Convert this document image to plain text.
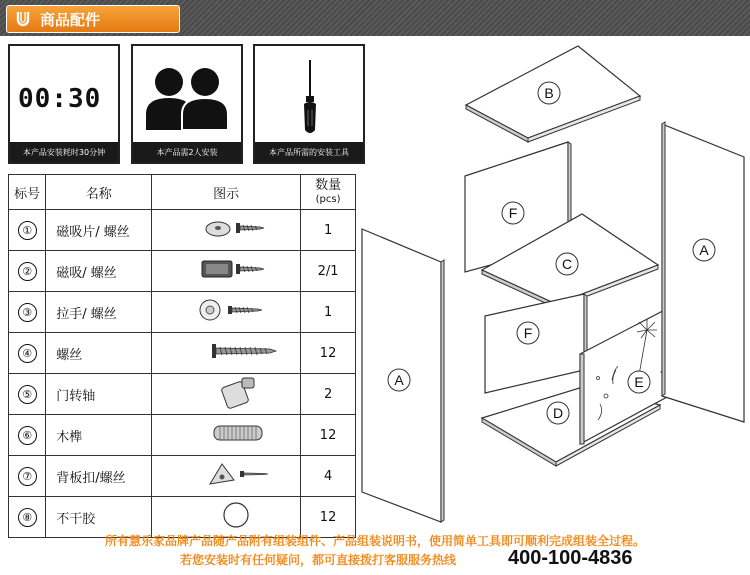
商品配件
00:30
本产品安装耗时30分钟	本产品需2人安装	本产品所需的安装工具
标号	名称	图示	数量
(pcs)
①	磁吸片/ 螺丝		1
②	磁吸/ 螺丝		2/1
③	拉手/ 螺丝		1
④	螺丝		12
⑤	门转轴		2
⑥	木榫		12
⑦	背板扣/螺丝		4
⑧	不干胶		12
B
F
C
F
D
E
A
A
所有慧乐家品牌产品随产品附有组装组件、产品组装说明书，使用简单工具即可顺利完成组装全过程。
若您安装时有任何疑问，都可直接拨打客服服务热线	400-100-4836
